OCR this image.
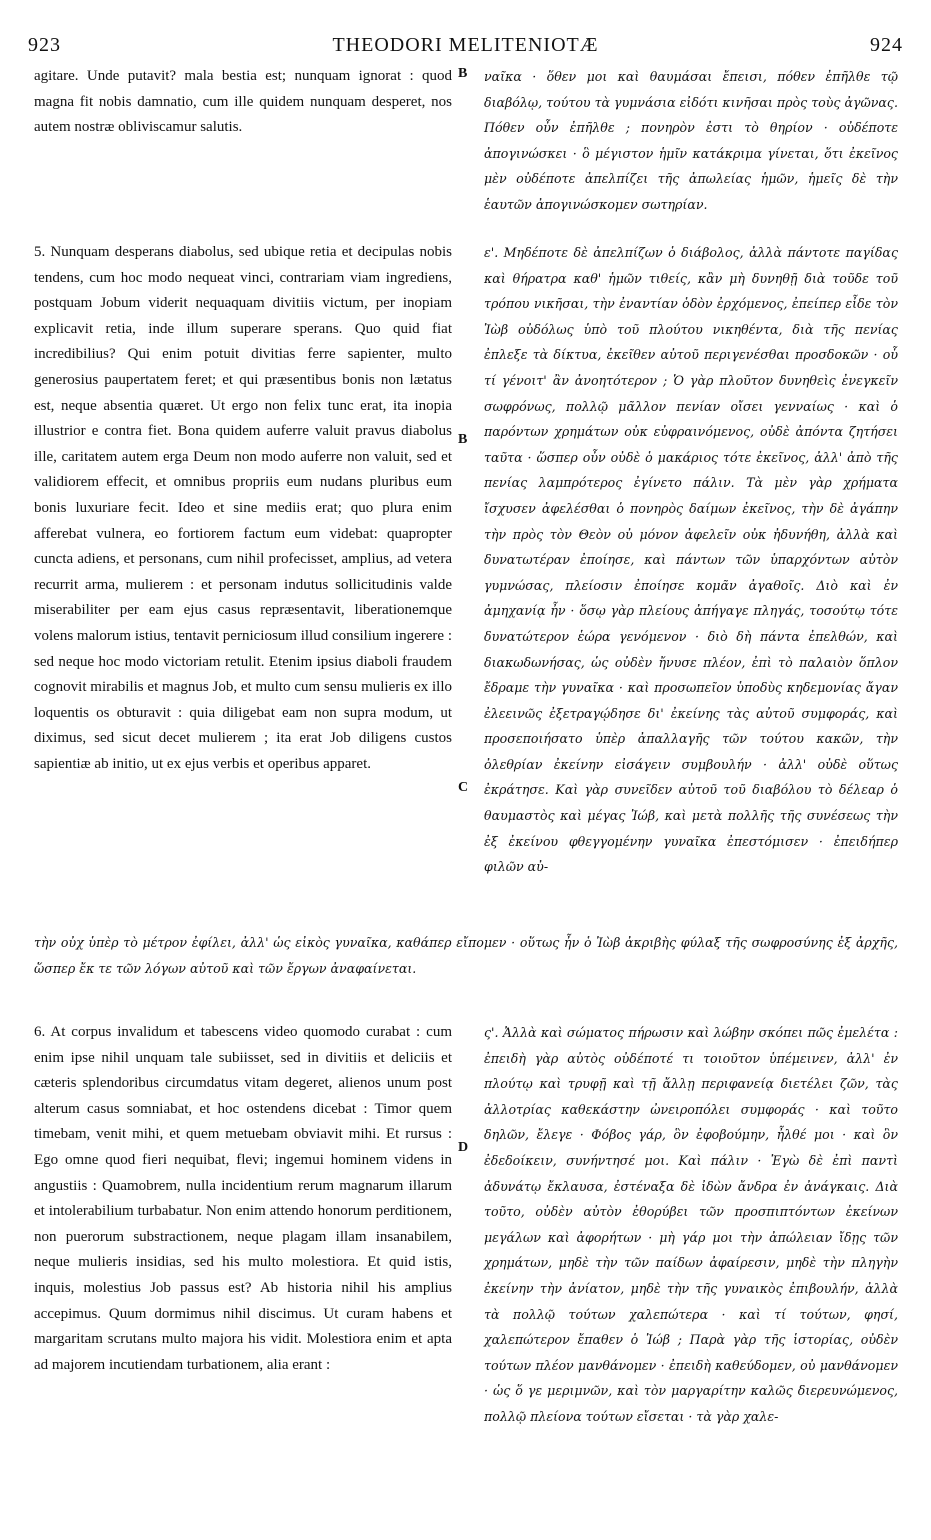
923	THEODORI MELITENIOTÆ	924
agitare. Unde putavit? mala bestia est; nunquam ignorat : quod magna fit nobis damnatio, cum ille quidem nunquam desperet, nos autem nostræ obliviscamur salutis.
ναῖκα · ὅθεν μοι καὶ θαυμάσαι ἔπεισι, πόθεν ἐπῆλθε τῷ διαβόλῳ, τούτου τὰ γυμνάσια εἰδότι κινῆσαι πρὸς τοὺς ἀγῶνας. Πόθεν οὖν ἐπῆλθε ; πονηρὸν ἐστι τὸ θηρίον · οὐδέποτε ἀπογινώσκει · ὃ μέγιστον ἡμῖν κατάκριμα γίνεται, ὅτι ἐκεῖνος μὲν οὐδέποτε ἀπελπίζει τῆς ἀπωλείας ἡμῶν, ἡμεῖς δὲ τὴν ἑαυτῶν ἀπογινώσκομεν σωτηρίαν.
5. Nunquam desperans diabolus, sed ubique retia et decipulas nobis tendens, cum hoc modo nequeat vinci, contrariam viam ingrediens, postquam Jobum viderit nequaquam divitiis victum, per inopiam explicavit retia, inde illum superare sperans. Quo quid fiat incredibilius? Qui enim potuit divitias ferre sapienter, multo generosius paupertatem feret; et qui præsentibus bonis non lætatus est, neque absentia quæret. Ut ergo non felix tunc erat, ita inopia illustrior e contra fiet. Bona quidem auferre valuit pravus diabolus ille, caritatem autem erga Deum non modo auferre non valuit, sed et validiorem effecit, et omnibus propriis eum nudans pluribus eum bonis luxuriare fecit. Ideo et sine mediis erat; quo plura enim afferebat vulnera, eo fortiorem factum eum videbat: quapropter cuncta adiens, et personans, cum nihil profecisset, amplius, ad vetera recurrit arma, mulierem : et personam indutus sollicitudinis valde miserabiliter per eam ejus casus repræsentavit, liberationemque volens malorum istius, tentavit perniciosum illud consilium ingerere : sed neque hoc modo victoriam retulit. Etenim ipsius diaboli fraudem cognovit mirabilis et magnus Job, et multo cum sensu mulieris ex illo loquentis os obturavit : quia diligebat eam non supra modum, ut diximus, sed sicut decet mulierem ; ita erat Job diligens custos sapientiæ ab initio, ut ex ejus verbis et operibus apparet.
ε'. Μηδέποτε δὲ ἀπελπίζων ὁ διάβολος, ἀλλὰ πάντοτε παγίδας καὶ θήρατρα καθ' ἡμῶν τιθείς, κἂν μὴ δυνηθῇ διὰ τοῦδε τοῦ τρόπου νικῆσαι, τὴν ἐναντίαν ὁδὸν ἐρχόμενος, ἐπείπερ εἶδε τὸν Ἰὼβ οὐδόλως ὑπὸ τοῦ πλούτου νικηθέντα, διὰ τῆς πενίας ἐπλεξε τὰ δίκτυα, ἐκεῖθεν αὐτοῦ περιγενέσθαι προσδοκῶν · οὗ τί γένοιτ' ἂν ἀνοητότερον ; Ὁ γὰρ πλοῦτον δυνηθεὶς ἐνεγκεῖν σωφρόνως, πολλῷ μᾶλλον πενίαν οἴσει γενναίως · καὶ ὁ παρόντων χρημάτων οὐκ εὐφραινόμενος, οὐδὲ ἀπόντα ζητήσει ταῦτα · ὥσπερ οὖν οὐδὲ ὁ μακάριος τότε ἐκεῖνος, ἀλλ' ἀπὸ τῆς πενίας λαμπρότερος ἐγίνετο πάλιν. Τὰ μὲν γὰρ χρήματα ἴσχυσεν ἀφελέσθαι ὁ πονηρὸς δαίμων ἐκεῖνος, τὴν δὲ ἀγάπην τὴν πρὸς τὸν Θεὸν οὐ μόνον ἀφελεῖν οὐκ ἠδυνήθη, ἀλλὰ καὶ δυνατωτέραν ἐποίησε, καὶ πάντων τῶν ὑπαρχόντων αὐτὸν γυμνώσας, πλείοσιν ἐποίησε κομᾶν ἀγαθοῖς. Διὸ καὶ ἐν ἀμηχανίᾳ ἦν · ὅσῳ γὰρ πλείους ἀπήγαγε πληγάς, τοσούτῳ τότε δυνατώτερον ἑώρα γενόμενον · διὸ δὴ πάντα ἐπελθών, καὶ διακωδωνήσας, ὡς οὐδὲν ἤνυσε πλέον, ἐπὶ τὸ παλαιὸν ὅπλον ἔδραμε τὴν γυναῖκα · καὶ προσωπεῖον ὑποδὺς κηδεμονίας ἄγαν ἐλεεινῶς ἐξετραγῴδησε δι' ἐκείνης τὰς αὐτοῦ συμφοράς, καὶ προσεποιήσατο ὑπὲρ ἀπαλλαγῆς τῶν τούτου κακῶν, τὴν ὀλεθρίαν ἐκείνην εἰσάγειν συμβουλήν · ἀλλ' οὐδὲ οὕτως ἐκράτησε. Καὶ γὰρ συνεῖδεν αὐτοῦ τοῦ διαβόλου τὸ δέλεαρ ὁ θαυμαστὸς καὶ μέγας Ἰώβ, καὶ μετὰ πολλῆς τῆς συνέσεως τὴν ἐξ ἐκείνου φθεγγομένην γυναῖκα ἐπεστόμισεν · ἐπειδήπερ φιλῶν αὐ-
τὴν οὐχ ὑπὲρ τὸ μέτρον ἐφίλει, ἀλλ' ὡς εἰκὸς γυναῖκα, καθάπερ εἴπομεν · οὕτως ἦν ὁ Ἰὼβ ἀκριβὴς φύλαξ τῆς σωφροσύνης ἐξ ἀρχῆς, ὥσπερ ἔκ τε τῶν λόγων αὐτοῦ καὶ τῶν ἔργων ἀναφαίνεται.
6. At corpus invalidum et tabescens video quomodo curabat : cum enim ipse nihil unquam tale subiisset, sed in divitiis et deliciis et cæteris splendoribus circumdatus vitam degeret, alienos unum post alterum casus somniabat, et hoc ostendens dicebat : Timor quem timebam, venit mihi, et quem metuebam obviavit mihi. Et rursus : Ego omne quod fieri nequibat, flevi; ingemui hominem videns in angustiis : Quamobrem, nulla incidentium rerum magnarum illarum et intolerabilium turbabatur. Non enim attendo honorum perditionem, non puerorum substractionem, neque plagam illam insanabilem, neque mulieris insidias, sed his multo molestiora. Et quid istis, inquis, molestius Job passus est? Ab historia nihil his amplius accepimus. Quum dormimus nihil discimus. Ut curam habens et margaritam scrutans multo majora his vidit. Molestiora enim et apta ad majorem incutiendam turbationem, alia erant :
ς'. Ἀλλὰ καὶ σώματος πήρωσιν καὶ λώβην σκόπει πῶς ἐμελέτα : ἐπειδὴ γὰρ αὐτὸς οὐδέποτέ τι τοιοῦτον ὑπέμεινεν, ἀλλ' ἐν πλούτῳ καὶ τρυφῇ καὶ τῇ ἄλλῃ περιφανείᾳ διετέλει ζῶν, τὰς ἀλλοτρίας καθεκάστην ὠνειροπόλει συμφοράς · καὶ τοῦτο δηλῶν, ἔλεγε · Φόβος γάρ, ὃν ἐφοβούμην, ἦλθέ μοι · καὶ ὃν ἐδεδοίκειν, συνήντησέ μοι. Καὶ πάλιν · Ἐγὼ δὲ ἐπὶ παντὶ ἀδυνάτῳ ἔκλαυσα, ἐστέναξα δὲ ἰδὼν ἄνδρα ἐν ἀνάγκαις. Διὰ τοῦτο, οὐδὲν αὐτὸν ἐθορύβει τῶν προσπιπτόντων ἐκείνων μεγάλων καὶ ἀφορήτων · μὴ γάρ μοι τὴν ἀπώλειαν ἴδῃς τῶν χρημάτων, μηδὲ τὴν τῶν παίδων ἀφαίρεσιν, μηδὲ τὴν πληγὴν ἐκείνην τὴν ἀνίατον, μηδὲ τὴν τῆς γυναικὸς ἐπιβουλήν, ἀλλὰ τὰ πολλῷ τούτων χαλεπώτερα · καὶ τί τούτων, φησί, χαλεπώτερον ἔπαθεν ὁ Ἰώβ ; Παρὰ γὰρ τῆς ἱστορίας, οὐδὲν τούτων πλέον μανθάνομεν · ἐπειδὴ καθεύδομεν, οὐ μανθάνομεν · ὡς ὅ γε μεριμνῶν, καὶ τὸν μαργαρίτην καλῶς διερευνώμενος, πολλῷ πλείονα τούτων εἴσεται · τὰ γὰρ χαλε-
B
B
C
D
